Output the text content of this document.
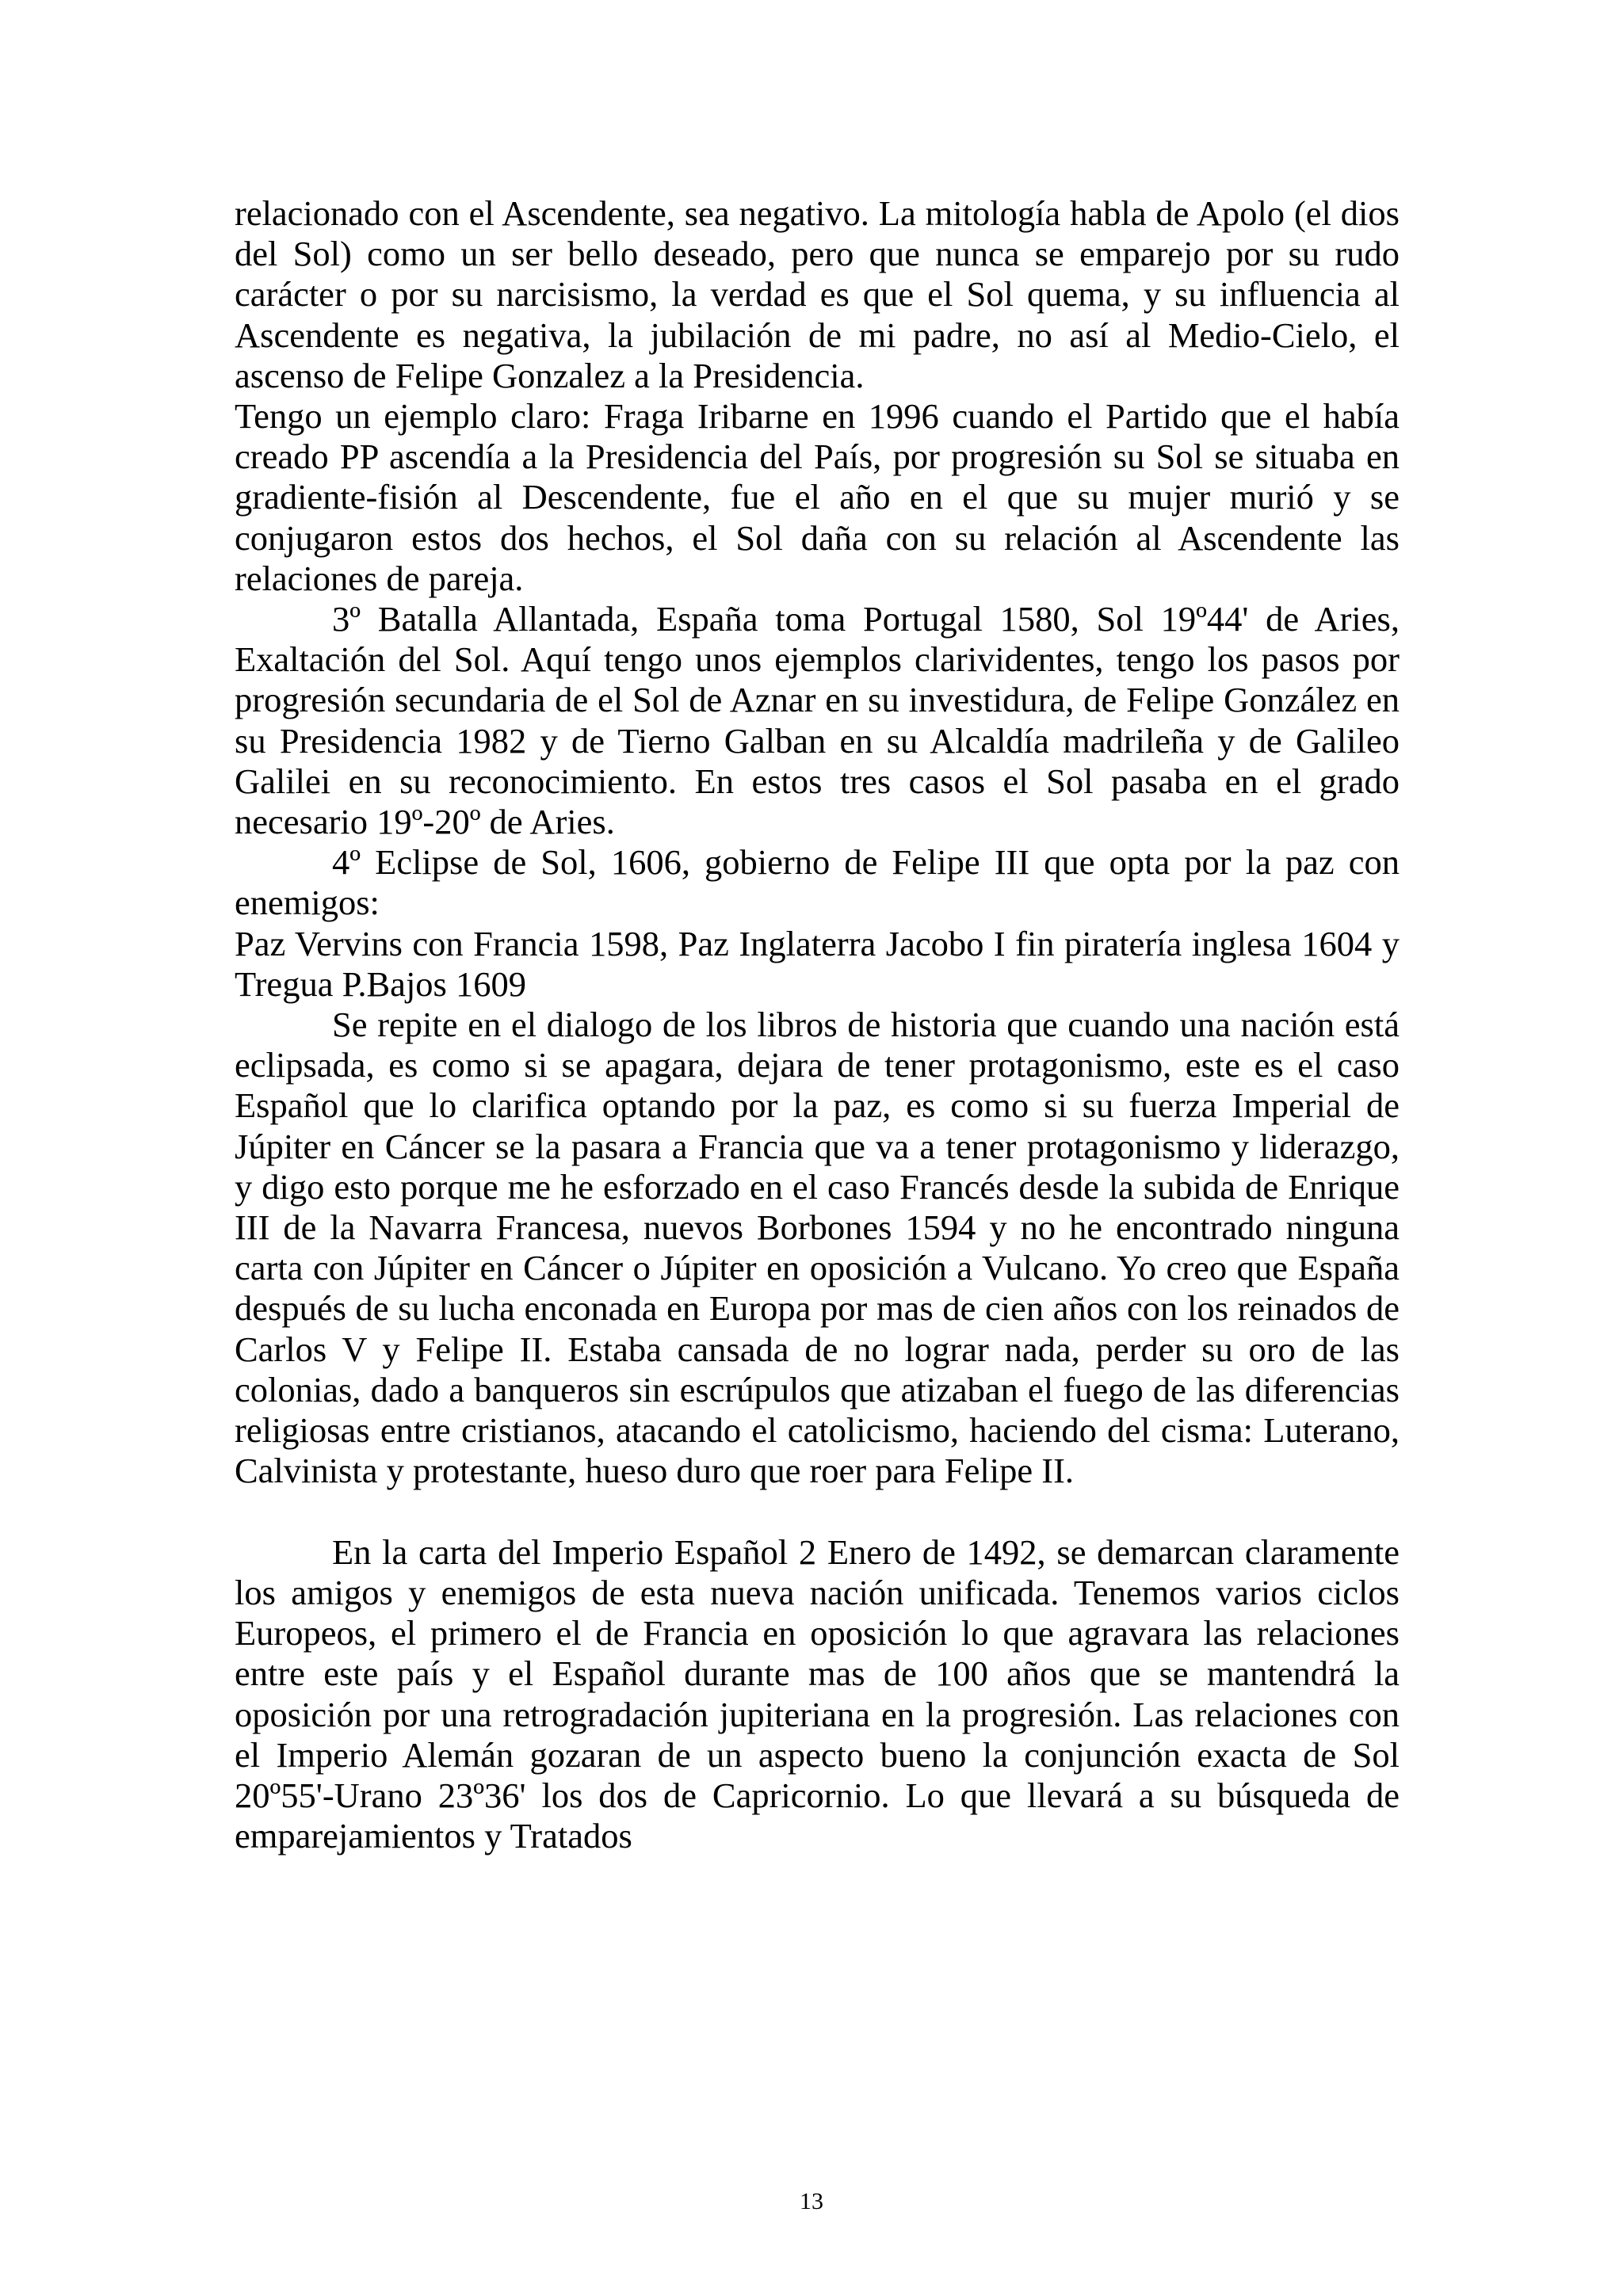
relacionado con el Ascendente, sea negativo. La mitología habla de Apolo (el dios del Sol) como un ser bello deseado, pero que nunca se emparejo por su rudo carácter o por su narcisismo, la verdad es que el Sol quema, y su influencia al Ascendente es negativa, la jubilación de mi padre, no así al Medio-Cielo, el ascenso de Felipe Gonzalez a la Presidencia.

Tengo un ejemplo claro: Fraga Iribarne en 1996 cuando el Partido que el había creado PP ascendía a la Presidencia del País, por progresión su Sol se situaba en gradiente-fisión al Descendente, fue el año en el que su mujer murió y se conjugaron estos dos hechos, el Sol daña con su relación al Ascendente las relaciones de pareja.

3º Batalla Allantada, España toma Portugal 1580, Sol 19º44' de Aries, Exaltación del Sol. Aquí tengo unos ejemplos clarividentes, tengo los pasos por progresión secundaria de el Sol de Aznar en su investidura, de Felipe González en su Presidencia 1982 y de Tierno Galban en su Alcaldía madrileña y de Galileo Galilei en su reconocimiento. En estos tres casos el Sol pasaba en el grado necesario 19º-20º de Aries.

4º Eclipse de Sol, 1606, gobierno de Felipe III que opta por la paz con enemigos:

Paz Vervins con Francia 1598, Paz Inglaterra Jacobo I fin piratería inglesa 1604 y Tregua P.Bajos 1609

Se repite en el dialogo de los libros de historia que cuando una nación está eclipsada, es como si se apagara, dejara de tener protagonismo, este es el caso Español que lo clarifica optando por la paz, es como si su fuerza Imperial de Júpiter en Cáncer se la pasara a Francia que va a tener protagonismo y liderazgo, y digo esto porque me he esforzado en el caso Francés desde la subida de Enrique III de la Navarra Francesa, nuevos Borbones 1594 y no he encontrado ninguna carta con Júpiter en Cáncer o Júpiter en oposición a Vulcano. Yo creo que España después de su lucha enconada en Europa por mas de cien años con los reinados de Carlos V y Felipe II. Estaba cansada de no lograr nada, perder su oro de las colonias, dado a banqueros sin escrúpulos que atizaban el fuego de las diferencias religiosas entre cristianos, atacando el catolicismo, haciendo del cisma: Luterano, Calvinista y protestante, hueso duro que roer para Felipe II.

En la carta del Imperio Español 2 Enero de 1492, se demarcan claramente los amigos y enemigos de esta nueva nación unificada. Tenemos varios ciclos Europeos, el primero el de Francia en oposición lo que agravara las relaciones entre este país y el Español durante mas de 100 años que se mantendrá la oposición por una retrogradación jupiteriana en la progresión. Las relaciones con el Imperio Alemán gozaran de un aspecto bueno la conjunción exacta de Sol 20º55'-Urano 23º36' los dos de Capricornio. Lo que llevará a su búsqueda de emparejamientos y Tratados

13
